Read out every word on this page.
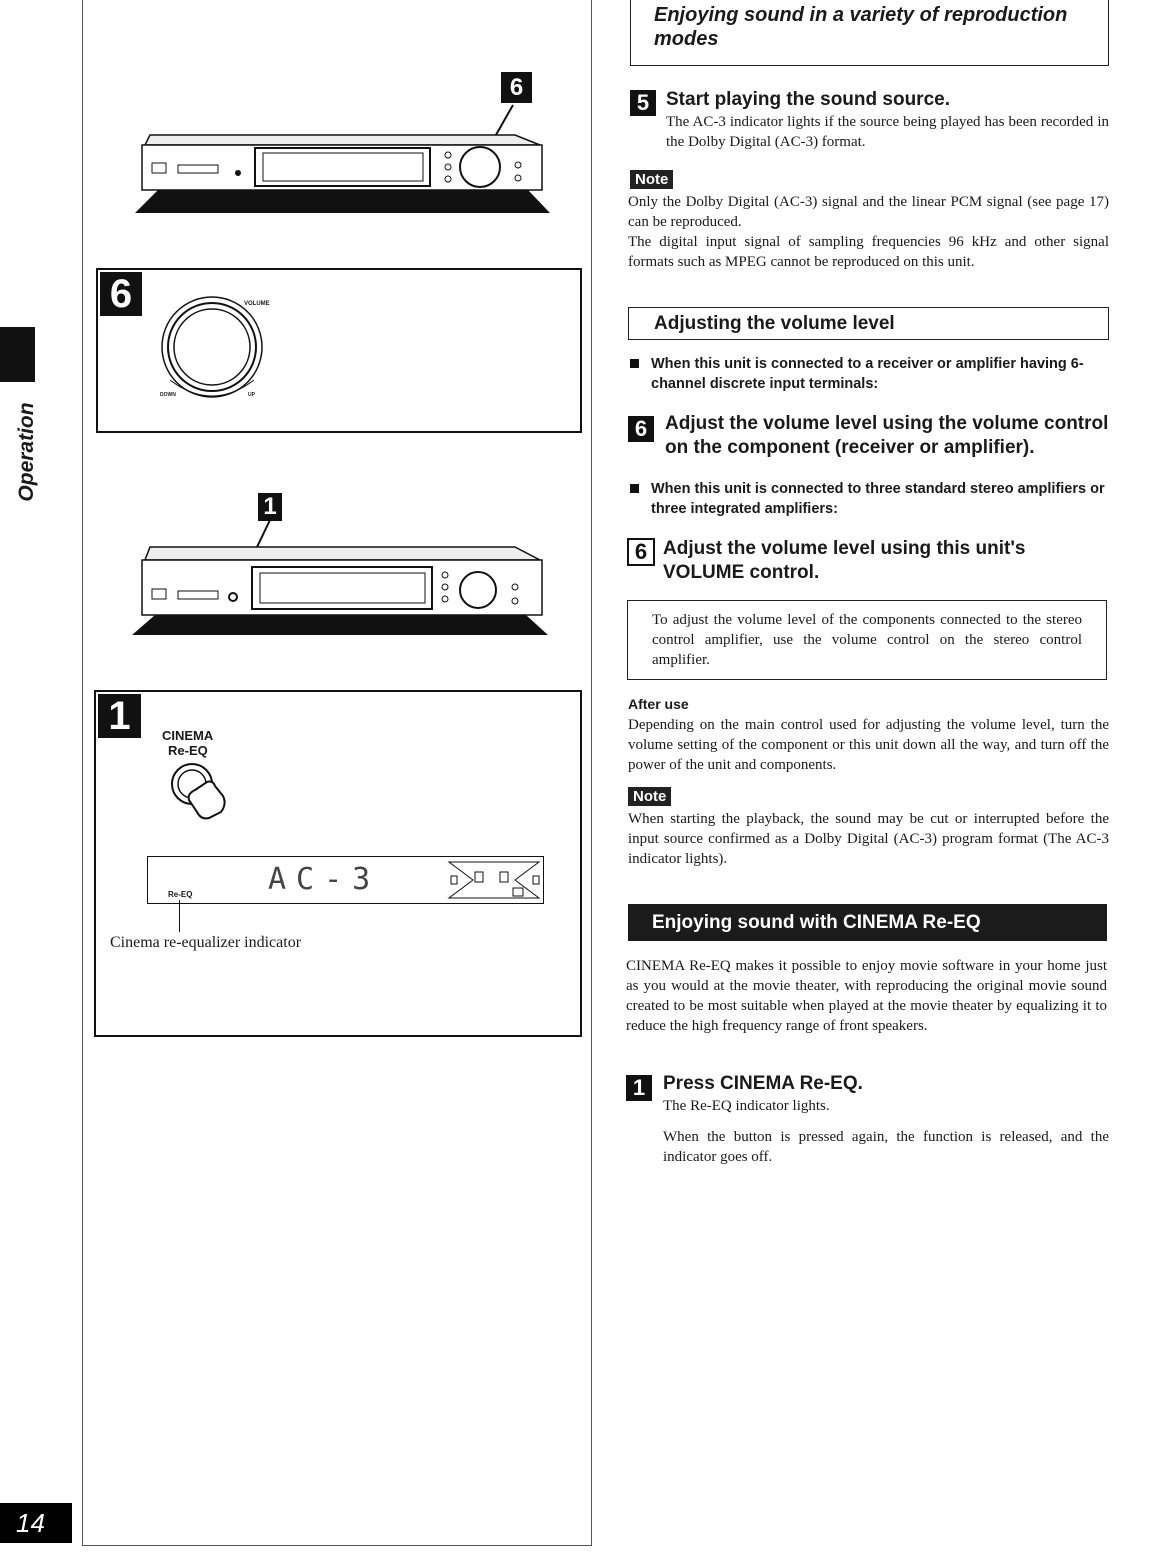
Operation
14
6
6	VOLUME
DOWN	UP
1
1	CINEMA
Re-EQ
Re-EQ	AC-3
Cinema re-equalizer indicator
Enjoying sound in a variety of reproduction modes
5 Start playing the sound source.
The AC-3 indicator lights if the source being played has been recorded in the Dolby Digital (AC-3) format.
Note
Only the Dolby Digital (AC-3) signal and the linear PCM signal (see page 17) can be reproduced.
The digital input signal of sampling frequencies 96 kHz and other signal formats such as MPEG cannot be reproduced on this unit.
Adjusting the volume level
When this unit is connected to a receiver or amplifier having 6-channel discrete input terminals:
6 Adjust the volume level using the volume control on the component (receiver or amplifier).
When this unit is connected to three standard stereo amplifiers or three integrated amplifiers:
6 Adjust the volume level using this unit's VOLUME control.
To adjust the volume level of the components connected to the stereo control amplifier, use the volume control on the stereo control amplifier.
After use
Depending on the main control used for adjusting the volume level, turn the volume setting of the component or this unit down all the way, and turn off the power of the unit and components.
Note
When starting the playback, the sound may be cut or interrupted before the input source confirmed as a Dolby Digital (AC-3) program format (The AC-3 indicator lights).
Enjoying sound with CINEMA Re-EQ
CINEMA Re-EQ makes it possible to enjoy movie software in your home just as you would at the movie theater, with reproducing the original movie sound created to be most suitable when played at the movie theater by equalizing it to reduce the high frequency range of front speakers.
1 Press CINEMA Re-EQ.
The Re-EQ indicator lights.
When the button is pressed again, the function is released, and the indicator goes off.
